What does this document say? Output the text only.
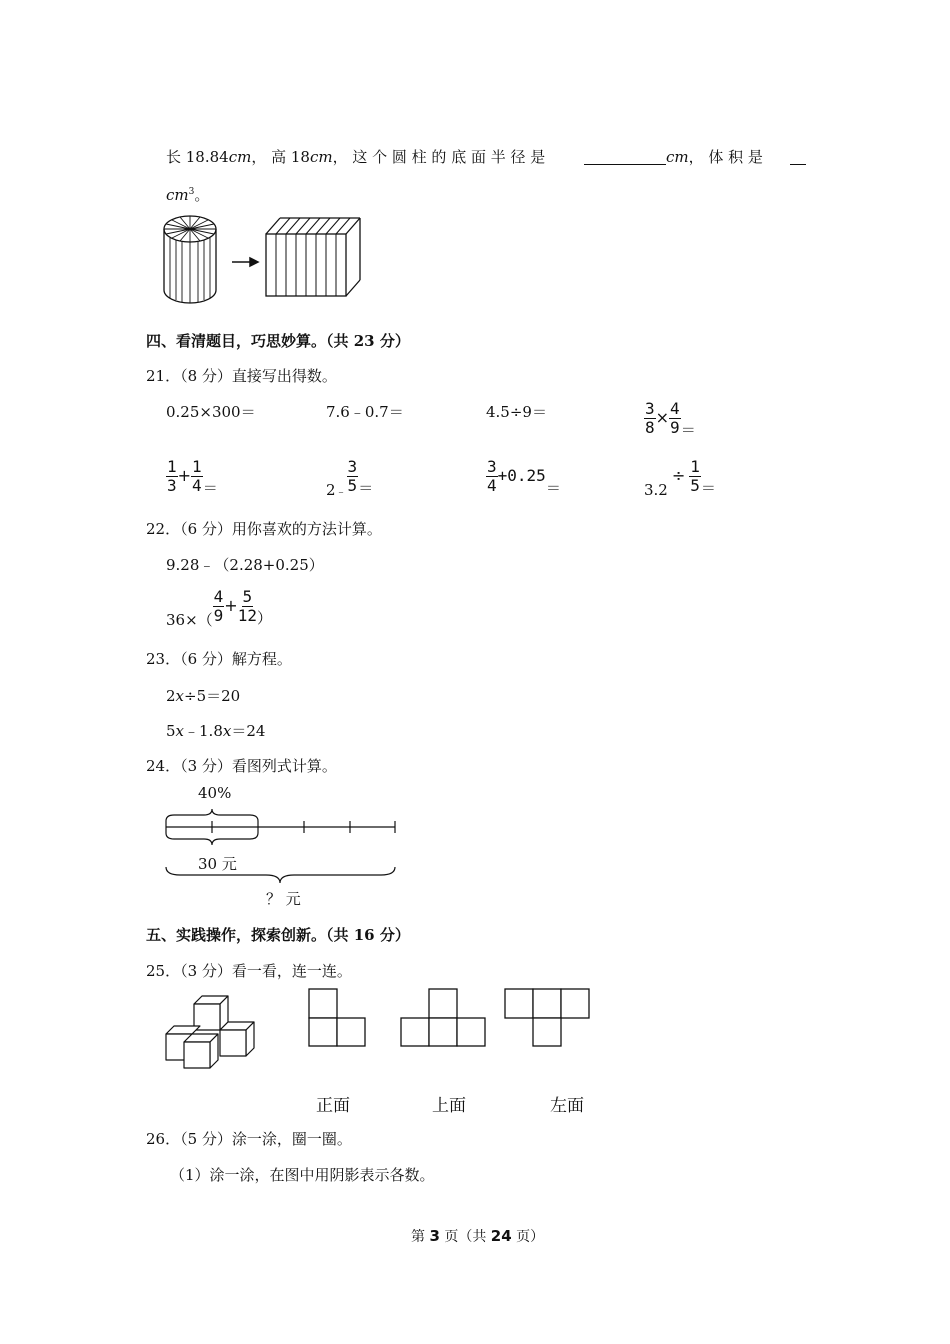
长 18.84cm， 高 18cm， 这 个 圆 柱 的 底 面 半 径 是	cm， 体 积 是
$cm^3$。
四、看清题目，巧思妙算。（共 23 分）
21．（8 分）直接写出得数。
0.25×300＝	7.6﹣0.7＝	4.5÷9＝	$\frac{3}{8} \times \frac{4}{9}$ ＝
$\frac{1}{3} + \frac{1}{4}$ ＝	$2_﹣ \frac{3}{5}$ ＝	$\frac{3}{4} +0.25=$	$3.2\div \frac{1}{5}$ ＝
22．（6 分）用你喜欢的方法计算。
9.28﹣（2.28+0.25）
$36\times( \frac{4}{9} + \frac{5}{12}$ ）
23．（6 分）解方程。
2x÷5＝20
5x﹣1.8x＝24
24．（3 分）看图列式计算。
40%
30 元
？ 元
五、实践操作，探索创新。（共 16 分）
25．（3 分）看一看，连一连。
正面	上面	左面
26．（5 分）涂一涂，圈一圈。
（1）涂一涂，在图中用阴影表示各数。
第 3 页（共 24 页）
